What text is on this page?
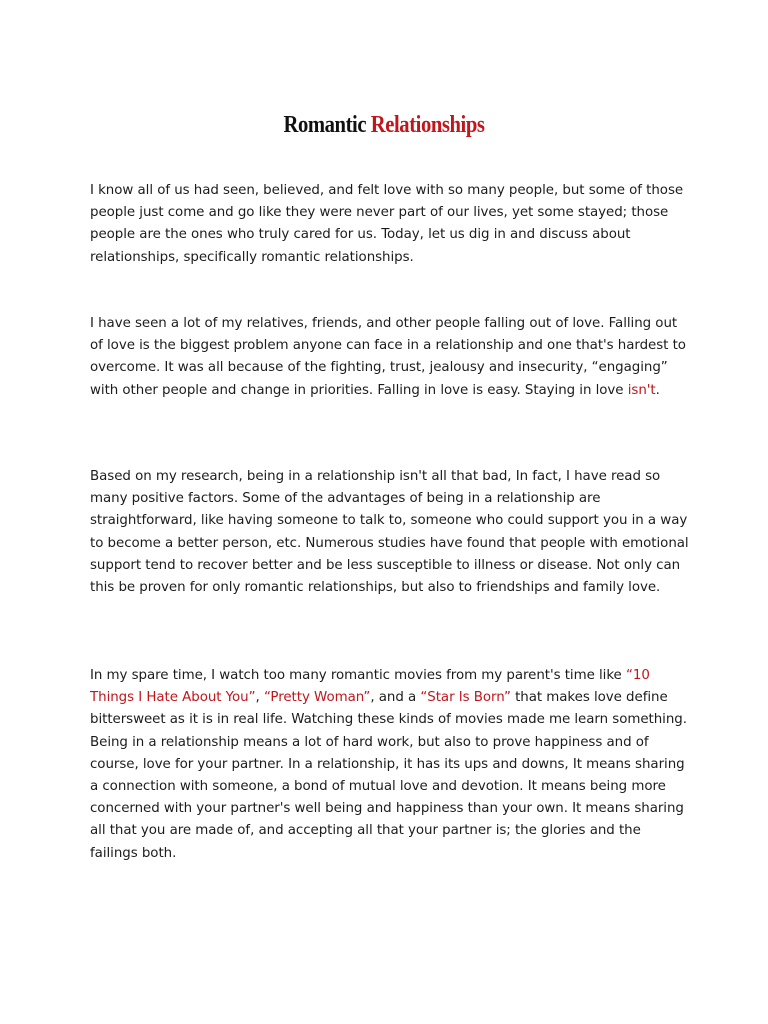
Romantic Relationships

I know all of us had seen, believed, and felt love with so many people, but some of those people just come and go like they were never part of our lives, yet some stayed; those people are the ones who truly cared for us. Today, let us dig in and discuss about relationships, specifically romantic relationships.

I have seen a lot of my relatives, friends, and other people falling out of love. Falling out of love is the biggest problem anyone can face in a relationship and one that's hardest to overcome. It was all because of the fighting, trust, jealousy and insecurity, “engaging” with other people and change in priorities. Falling in love is easy. Staying in love isn't.

Based on my research, being in a relationship isn't all that bad, In fact, I have read so many positive factors. Some of the advantages of being in a relationship are straightforward, like having someone to talk to, someone who could support you in a way to become a better person, etc. Numerous studies have found that people with emotional support tend to recover better and be less susceptible to illness or disease. Not only can this be proven for only romantic relationships, but also to friendships and family love.

In my spare time, I watch too many romantic movies from my parent's time like “10 Things I Hate About You”, “Pretty Woman”, and a “Star Is Born” that makes love define bittersweet as it is in real life. Watching these kinds of movies made me learn something. Being in a relationship means a lot of hard work, but also to prove happiness and of course, love for your partner. In a relationship, it has its ups and downs, It means sharing a connection with someone, a bond of mutual love and devotion. It means being more concerned with your partner's well being and happiness than your own. It means sharing all that you are made of, and accepting all that your partner is; the glories and the failings both.
